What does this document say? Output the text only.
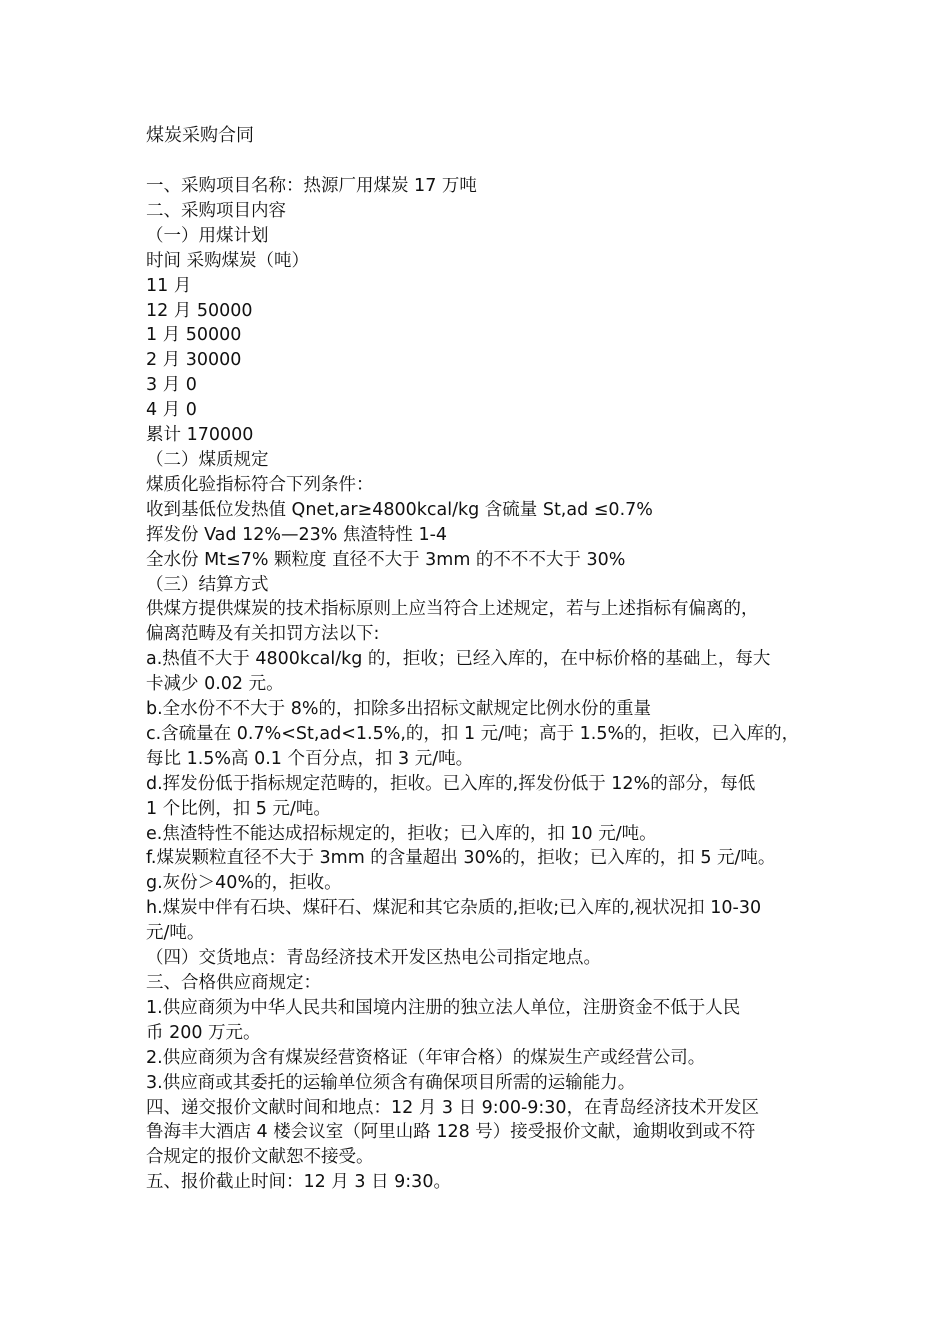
煤炭采购合同
一、采购项目名称：热源厂用煤炭 17 万吨
二、采购项目内容
（一）用煤计划
时间 采购煤炭（吨）
11 月
12 月 50000
1 月 50000
2 月 30000
3 月 0
4 月 0
累计 170000
（二）煤质规定
煤质化验指标符合下列条件：
收到基低位发热值 Qnet,ar≥4800kcal/kg 含硫量 St,ad ≤0.7%
挥发份 Vad 12%—23% 焦渣特性 1-4
全水份 Mt≤7% 颗粒度 直径不大于 3mm 的不不不大于 30%
（三）结算方式
供煤方提供煤炭的技术指标原则上应当符合上述规定，若与上述指标有偏离的，
偏离范畴及有关扣罚方法以下:
a.热值不大于 4800kcal/kg 的，拒收；已经入库的，在中标价格的基础上，每大
卡减少 0.02 元。
b.全水份不不大于 8%的，扣除多出招标文献规定比例水份的重量
c.含硫量在 0.7%<St,ad<1.5%,的，扣 1 元/吨；高于 1.5%的，拒收，已入库的，
每比 1.5%高 0.1 个百分点，扣 3 元/吨。
d.挥发份低于指标规定范畴的，拒收。已入库的,挥发份低于 12%的部分，每低
1 个比例，扣 5 元/吨。
e.焦渣特性不能达成招标规定的，拒收；已入库的，扣 10 元/吨。
f.煤炭颗粒直径不大于 3mm 的含量超出 30%的，拒收；已入库的，扣 5 元/吨。
g.灰份＞40%的，拒收。
h.煤炭中伴有石块、煤矸石、煤泥和其它杂质的,拒收;已入库的,视状况扣 10-30
元/吨。
（四）交货地点：青岛经济技术开发区热电公司指定地点。
三、合格供应商规定：
1.供应商须为中华人民共和国境内注册的独立法人单位，注册资金不低于人民
币 200 万元。
2.供应商须为含有煤炭经营资格证（年审合格）的煤炭生产或经营公司。
3.供应商或其委托的运输单位须含有确保项目所需的运输能力。
四、递交报价文献时间和地点：12 月 3 日 9:00-9:30，在青岛经济技术开发区
鲁海丰大酒店 4 楼会议室（阿里山路 128 号）接受报价文献，逾期收到或不符
合规定的报价文献恕不接受。
五、报价截止时间：12 月 3 日 9:30。
